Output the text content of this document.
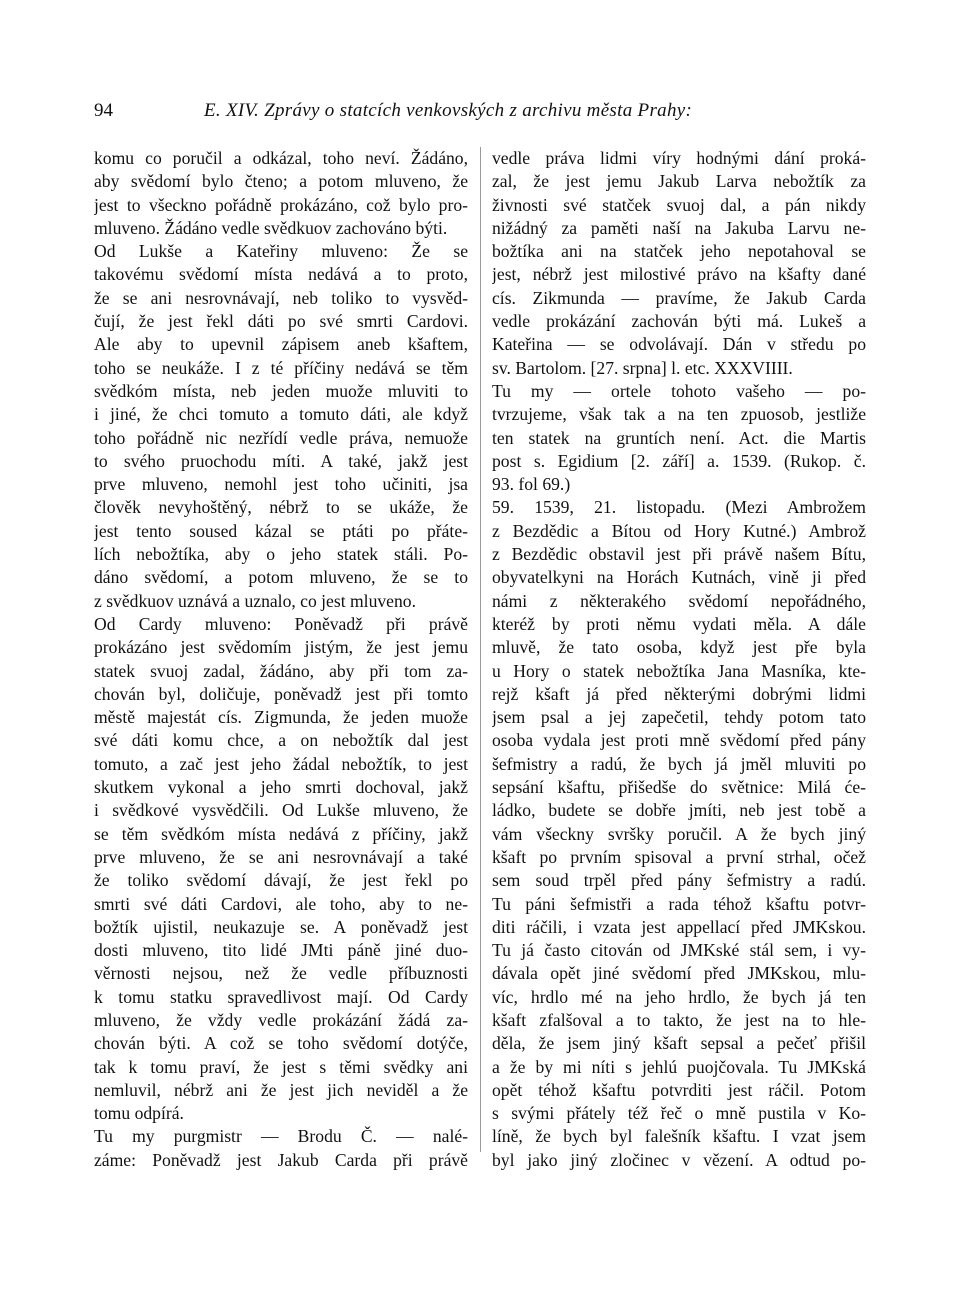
94	E. XIV. Zprávy o statcích venkovských z archivu města Prahy:
komu co poručil a odkázal, toho neví. Žádáno,
aby svědomí bylo čteno; a potom mluveno, že
jest to všeckno pořádně prokázáno, což bylo pro-
mluveno. Žádáno vedle svědkuov zachováno býti.
Od Lukše a Kateřiny mluveno: Že se
takovému svědomí místa nedává a to proto,
že se ani nesrovnávají, neb toliko to vysvěd-
čují, že jest řekl dáti po své smrti Cardovi.
Ale aby to upevnil zápisem aneb kšaftem,
toho se neukáže. I z té příčiny nedává se těm
svědkóm místa, neb jeden muože mluviti to
i jiné, že chci tomuto a tomuto dáti, ale když
toho pořádně nic nezřídí vedle práva, nemuože
to svého pruochodu míti. A také, jakž jest
prve mluveno, nemohl jest toho učiniti, jsa
člověk nevyhoštěný, nébrž to se ukáže, že
jest tento soused kázal se ptáti po přáte-
lích nebožtíka, aby o jeho statek stáli. Po-
dáno svědomí, a potom mluveno, že se to
z svědkuov uznává a uznalo, co jest mluveno.
Od Cardy mluveno: Poněvadž při právě
prokázáno jest svědomím jistým, že jest jemu
statek svuoj zadal, žádáno, aby při tom za-
chován byl, doličuje, poněvadž jest při tomto
městě majestát cís. Zigmunda, že jeden muože
své dáti komu chce, a on nebožtík dal jest
tomuto, a zač jest jeho žádal nebožtík, to jest
skutkem vykonal a jeho smrti dochoval, jakž
i svědkové vysvědčili. Od Lukše mluveno, že
se těm svědkóm místa nedává z příčiny, jakž
prve mluveno, že se ani nesrovnávají a také
že toliko svědomí dávají, že jest řekl po
smrti své dáti Cardovi, ale toho, aby to ne-
božtík ujistil, neukazuje se. A poněvadž jest
dosti mluveno, tito lidé JMti páně jiné duo-
věrnosti nejsou, než že vedle příbuznosti
k tomu statku spravedlivost mají. Od Cardy
mluveno, že vždy vedle prokázání žádá za-
chován býti. A což se toho svědomí dotýče,
tak k tomu praví, že jest s těmi svědky ani
nemluvil, nébrž ani že jest jich neviděl a že
tomu odpírá.
Tu my purgmistr — Brodu Č. — nalé-
záme: Poněvadž jest Jakub Carda při právě
vedle práva lidmi víry hodnými dání proká-
zal, že jest jemu Jakub Larva nebožtík za
živnosti své statček svuoj dal, a pán nikdy
nižádný za paměti naší na Jakuba Larvu ne-
božtíka ani na statček jeho nepotahoval se
jest, nébrž jest milostivé právo na kšafty dané
cís. Zikmunda — pravíme, že Jakub Carda
vedle prokázání zachován býti má. Lukeš a
Kateřina — se odvolávají. Dán v středu po
sv. Bartolom. [27. srpna] l. etc. XXXVIIII.
Tu my — ortele tohoto vašeho — po-
tvrzujeme, však tak a na ten zpuosob, jestliže
ten statek na gruntích není. Act. die Martis
post s. Egidium [2. září] a. 1539. (Rukop. č.
93. fol 69.)
59. 1539, 21. listopadu. (Mezi Ambrožem
z Bezdědic a Bítou od Hory Kutné.) Ambrož
z Bezdědic obstavil jest při právě našem Bítu,
obyvatelkyni na Horách Kutnách, vině ji před
námi z některakého svědomí nepořádného,
kteréž by proti němu vydati měla. A dále
mluvě, že tato osoba, když jest pře byla
u Hory o statek nebožtíka Jana Masníka, kte-
rejž kšaft já před některými dobrými lidmi
jsem psal a jej zapečetil, tehdy potom tato
osoba vydala jest proti mně svědomí před pány
šefmistry a radú, že bych já jměl mluviti po
sepsání kšaftu, přišedše do světnice: Milá će-
ládko, budete se dobře jmíti, neb jest tobě a
vám všeckny svršky poručil. A že bych jiný
kšaft po prvním spisoval a první strhal, očež
sem soud trpěl před pány šefmistry a radú.
Tu páni šefmistři a rada téhož kšaftu potvr-
diti ráčili, i vzata jest appellací před JMKskou.
Tu já často citován od JMKské stál sem, i vy-
dávala opět jiné svědomí před JMKskou, mlu-
víc, hrdlo mé na jeho hrdlo, že bych já ten
kšaft zfalšoval a to takto, že jest na to hle-
děla, že jsem jiný kšaft sepsal a pečeť přišil
a že by mi níti s jehlú puojčovala. Tu JMKská
opět téhož kšaftu potvrditi jest ráčil. Potom
s svými přátely též řeč o mně pustila v Ko-
líně, že bych byl falešník kšaftu. I vzat jsem
byl jako jiný zločinec v vězení. A odtud po-
